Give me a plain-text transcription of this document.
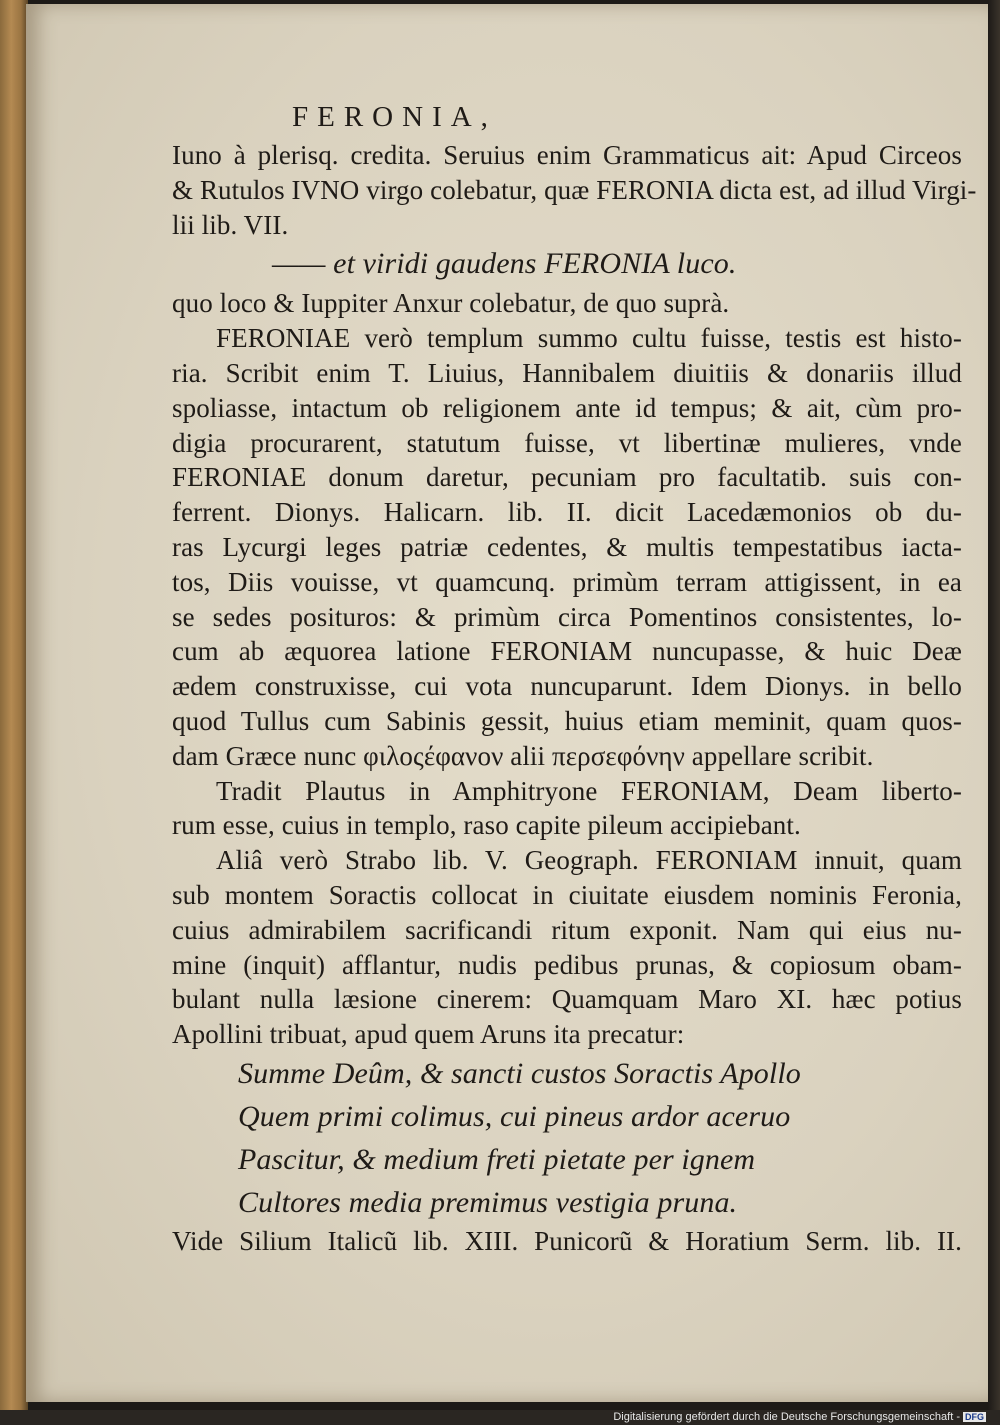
FERONIA,
Iuno à plerisq. credita. Seruius enim Grammaticus ait: Apud Circeos
& Rutulos IVNO virgo colebatur, quæ FERONIA dicta est, ad illud Virgi-
lii lib. VII.
—— et viridi gaudens FERONIA luco.
quo loco & Iuppiter Anxur colebatur, de quo suprà.
FERONIAE verò templum summo cultu fuisse, testis est histo-
ria. Scribit enim T. Liuius, Hannibalem diuitiis & donariis illud
spoliasse, intactum ob religionem ante id tempus; & ait, cùm pro-
digia procurarent, statutum fuisse, vt libertinæ mulieres, vnde
FERONIAE donum daretur, pecuniam pro facultatib. suis con-
ferrent. Dionys. Halicarn. lib. II. dicit Lacedæmonios ob du-
ras Lycurgi leges patriæ cedentes, & multis tempestatibus iacta-
tos, Diis vouisse, vt quamcunq. primùm terram attigissent, in ea
se sedes posituros: & primùm circa Pomentinos consistentes, lo-
cum ab æquorea latione FERONIAM nuncupasse, & huic Deæ
ædem construxisse, cui vota nuncuparunt. Idem Dionys. in bello
quod Tullus cum Sabinis gessit, huius etiam meminit, quam quos-
dam Græce nunc φιλοςέφανον alii περσεφόνην appellare scribit.
Tradit Plautus in Amphitryone FERONIAM, Deam liberto-
rum esse, cuius in templo, raso capite pileum accipiebant.
Aliâ verò Strabo lib. V. Geograph. FERONIAM innuit, quam
sub montem Soractis collocat in ciuitate eiusdem nominis Feronia,
cuius admirabilem sacrificandi ritum exponit. Nam qui eius nu-
mine (inquit) afflantur, nudis pedibus prunas, & copiosum obam-
bulant nulla læsione cinerem: Quamquam Maro XI. hæc potius
Apollini tribuat, apud quem Aruns ita precatur:
Summe Deûm, & sancti custos Soractis Apollo
Quem primi colimus, cui pineus ardor aceruo
Pascitur, & medium freti pietate per ignem
Cultores media premimus vestigia pruna.
Vide Silium Italicũ lib. XIII. Punicorũ & Horatium Serm. lib. II.
Digitalisierung gefördert durch die Deutsche Forschungsgemeinschaft - DFG
